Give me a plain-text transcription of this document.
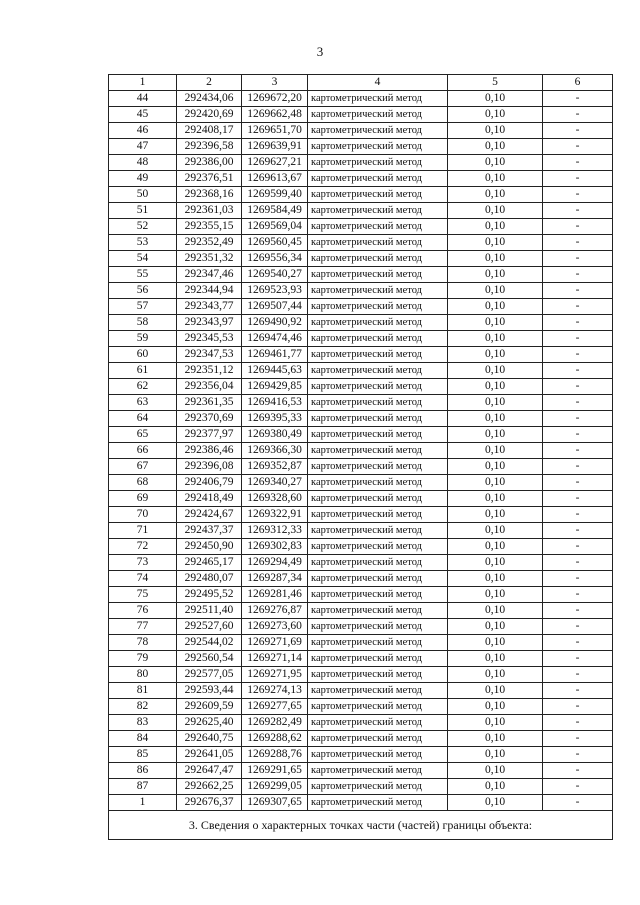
3
1	2	3	4	5	6
44	292434,06	1269672,20	картометрический метод	0,10	-
45	292420,69	1269662,48	картометрический метод	0,10	-
46	292408,17	1269651,70	картометрический метод	0,10	-
47	292396,58	1269639,91	картометрический метод	0,10	-
48	292386,00	1269627,21	картометрический метод	0,10	-
49	292376,51	1269613,67	картометрический метод	0,10	-
50	292368,16	1269599,40	картометрический метод	0,10	-
51	292361,03	1269584,49	картометрический метод	0,10	-
52	292355,15	1269569,04	картометрический метод	0,10	-
53	292352,49	1269560,45	картометрический метод	0,10	-
54	292351,32	1269556,34	картометрический метод	0,10	-
55	292347,46	1269540,27	картометрический метод	0,10	-
56	292344,94	1269523,93	картометрический метод	0,10	-
57	292343,77	1269507,44	картометрический метод	0,10	-
58	292343,97	1269490,92	картометрический метод	0,10	-
59	292345,53	1269474,46	картометрический метод	0,10	-
60	292347,53	1269461,77	картометрический метод	0,10	-
61	292351,12	1269445,63	картометрический метод	0,10	-
62	292356,04	1269429,85	картометрический метод	0,10	-
63	292361,35	1269416,53	картометрический метод	0,10	-
64	292370,69	1269395,33	картометрический метод	0,10	-
65	292377,97	1269380,49	картометрический метод	0,10	-
66	292386,46	1269366,30	картометрический метод	0,10	-
67	292396,08	1269352,87	картометрический метод	0,10	-
68	292406,79	1269340,27	картометрический метод	0,10	-
69	292418,49	1269328,60	картометрический метод	0,10	-
70	292424,67	1269322,91	картометрический метод	0,10	-
71	292437,37	1269312,33	картометрический метод	0,10	-
72	292450,90	1269302,83	картометрический метод	0,10	-
73	292465,17	1269294,49	картометрический метод	0,10	-
74	292480,07	1269287,34	картометрический метод	0,10	-
75	292495,52	1269281,46	картометрический метод	0,10	-
76	292511,40	1269276,87	картометрический метод	0,10	-
77	292527,60	1269273,60	картометрический метод	0,10	-
78	292544,02	1269271,69	картометрический метод	0,10	-
79	292560,54	1269271,14	картометрический метод	0,10	-
80	292577,05	1269271,95	картометрический метод	0,10	-
81	292593,44	1269274,13	картометрический метод	0,10	-
82	292609,59	1269277,65	картометрический метод	0,10	-
83	292625,40	1269282,49	картометрический метод	0,10	-
84	292640,75	1269288,62	картометрический метод	0,10	-
85	292641,05	1269288,76	картометрический метод	0,10	-
86	292647,47	1269291,65	картометрический метод	0,10	-
87	292662,25	1269299,05	картометрический метод	0,10	-
1	292676,37	1269307,65	картометрический метод	0,10	-
3. Сведения о характерных точках части (частей) границы объекта:					
